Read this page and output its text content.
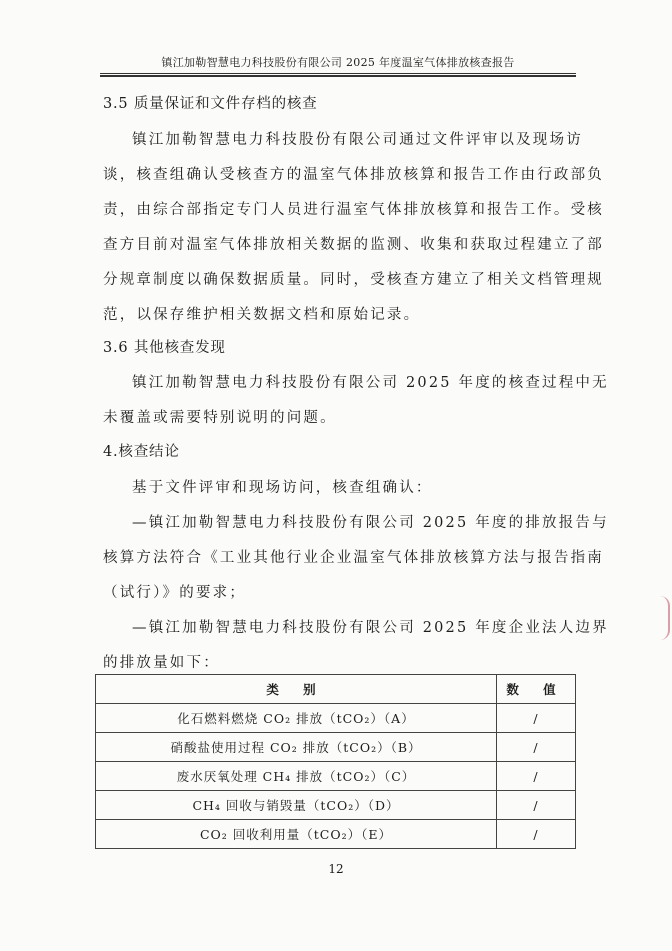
镇江加勒智慧电力科技股份有限公司 2025 年度温室气体排放核查报告
3.5 质量保证和文件存档的核查
镇江加勒智慧电力科技股份有限公司通过文件评审以及现场访
谈，核查组确认受核查方的温室气体排放核算和报告工作由行政部负
责，由综合部指定专门人员进行温室气体排放核算和报告工作。受核
查方目前对温室气体排放相关数据的监测、收集和获取过程建立了部
分规章制度以确保数据质量。同时，受核查方建立了相关文档管理规
范，以保存维护相关数据文档和原始记录。
3.6 其他核查发现
镇江加勒智慧电力科技股份有限公司 2025 年度的核查过程中无
未覆盖或需要特别说明的问题。
4.核查结论
基于文件评审和现场访问，核查组确认：
—镇江加勒智慧电力科技股份有限公司 2025 年度的排放报告与
核算方法符合《工业其他行业企业温室气体排放核算方法与报告指南
（试行）》的要求；
—镇江加勒智慧电力科技股份有限公司 2025 年度企业法人边界
的排放量如下：
类 别	数 值
化石燃料燃烧 CO₂ 排放（tCO₂）（A）	/
硝酸盐使用过程 CO₂ 排放（tCO₂）（B）	/
废水厌氧处理 CH₄ 排放（tCO₂）（C）	/
CH₄ 回收与销毁量（tCO₂）（D）	/
CO₂ 回收利用量（tCO₂）（E）	/
12
